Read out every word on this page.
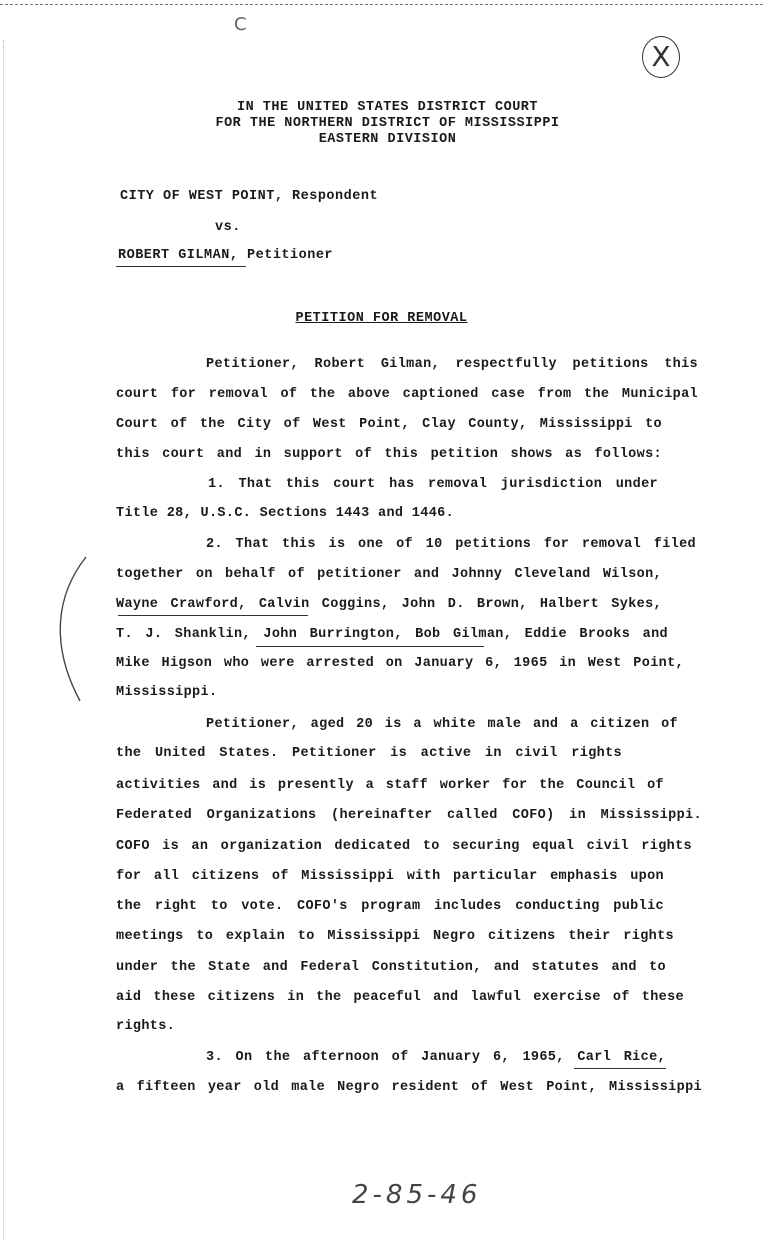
C
X
IN THE UNITED STATES DISTRICT COURT
FOR THE NORTHERN DISTRICT OF MISSISSIPPI
EASTERN DIVISION
CITY OF WEST POINT, Respondent
vs.
ROBERT GILMAN, Petitioner
PETITION FOR REMOVAL
Petitioner, Robert Gilman, respectfully petitions this
court for removal of the above captioned case from the Municipal
Court of the City of West Point, Clay County, Mississippi to
this court and in support of this petition shows as follows:
1. That this court has removal jurisdiction under
Title 28, U.S.C. Sections 1443 and 1446.
2. That this is one of 10 petitions for removal filed
together on behalf of petitioner and Johnny Cleveland Wilson,
Wayne Crawford, Calvin Coggins, John D. Brown, Halbert Sykes,
T. J. Shanklin, John Burrington, Bob Gilman, Eddie Brooks and
Mike Higson who were arrested on January 6, 1965 in West Point,
Mississippi.
Petitioner, aged 20 is a white male and a citizen of
the United States. Petitioner is active in civil rights
activities and is presently a staff worker for the Council of
Federated Organizations (hereinafter called COFO) in Mississippi.
COFO is an organization dedicated to securing equal civil rights
for all citizens of Mississippi with particular emphasis upon
the right to vote. COFO's program includes conducting public
meetings to explain to Mississippi Negro citizens their rights
under the State and Federal Constitution, and statutes and to
aid these citizens in the peaceful and lawful exercise of these
rights.
3. On the afternoon of January 6, 1965, Carl Rice,
a fifteen year old male Negro resident of West Point, Mississippi
2-85-46
